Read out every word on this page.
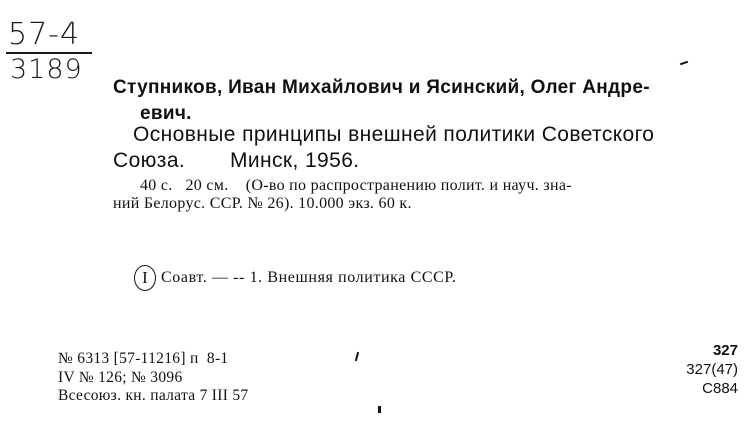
57-4
3189
Ступников, Иван Михайлович и Ясинский, Олег Андре-
евич.
Основные принципы внешней политики Советского
Союза. Минск, 1956.
40 с.   20 см.    (О-во по распространению полит. и науч. зна-
ний Белорус. ССР. № 26). 10.000 экз. 60 к.
I Соавт. — -- 1. Внешняя политика СССР.
№ 6313 [57-11216] п  8-1
IV № 126; № 3096
Всесоюз. кн. палата 7 III 57
327
327(47)
С884
